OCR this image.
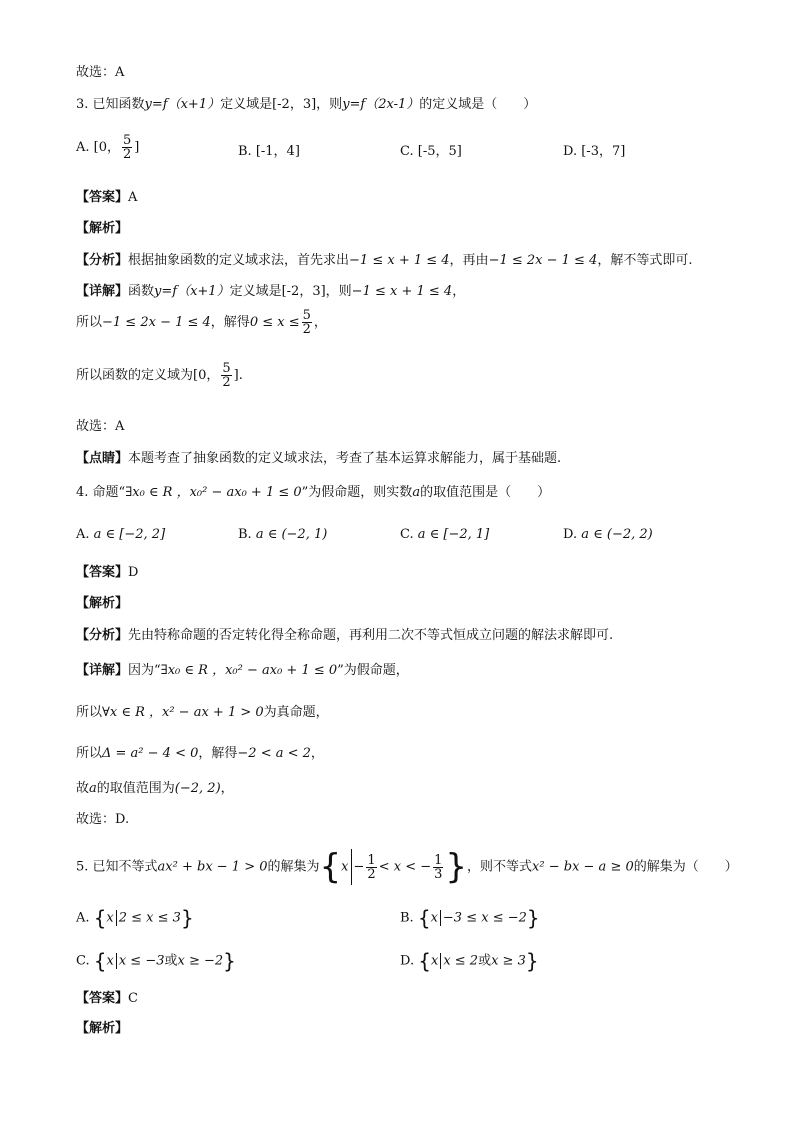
故选：A
3. 已知函数y=f（x+1）定义域是[-2，3]，则y=f（2x-1）的定义域是（　　）
A. [0， $\frac{5}{2}$ ]	B. [-1，4]	C. [-5，5]	D. [-3，7]
【答案】A
【解析】
【分析】根据抽象函数的定义域求法，首先求出−1 ≤ x + 1 ≤ 4，再由−1 ≤ 2x − 1 ≤ 4，解不等式即可.
【详解】函数y=f（x+1）定义域是[-2，3]，则−1 ≤ x + 1 ≤ 4，
所以−1 ≤ 2x − 1 ≤ 4，解得$0 \le x \le \frac{5}{2}$ ，
所以函数的定义域为[0， $\frac{5}{2}$ ].
故选：A
【点睛】本题考查了抽象函数的定义域求法，考查了基本运算求解能力，属于基础题.
4. 命题“∃x₀ ∈ R ，x₀² − ax₀ + 1 ≤ 0”为假命题，则实数a的取值范围是（　　）
A. a ∈ [−2, 2]	B. a ∈ (−2, 1)	C. a ∈ [−2, 1]	D. a ∈ (−2, 2)
【答案】D
【解析】
【分析】先由特称命题的否定转化得全称命题，再利用二次不等式恒成立问题的解法求解即可.
【详解】因为“∃x₀ ∈ R ，x₀² − ax₀ + 1 ≤ 0”为假命题，
所以∀x ∈ R ，x² − ax + 1 > 0为真命题，
所以Δ = a² − 4 < 0，解得−2 < a < 2，
故a的取值范围为(−2, 2)，
故选：D.
5. 已知不等式ax² + bx − 1 > 0的解集为{$x - \frac{1}{2} < x$ < − $\frac{1}{3}$ }，则不等式x² − bx − a ≥ 0的解集为（　　）
A. {x 2 ≤ x ≤ 3}	B. {x −3 ≤ x ≤ −2}
C. {x x ≤ −3或x ≥ −2}	D. {x x ≤ 2或x ≥ 3}
【答案】C
【解析】
